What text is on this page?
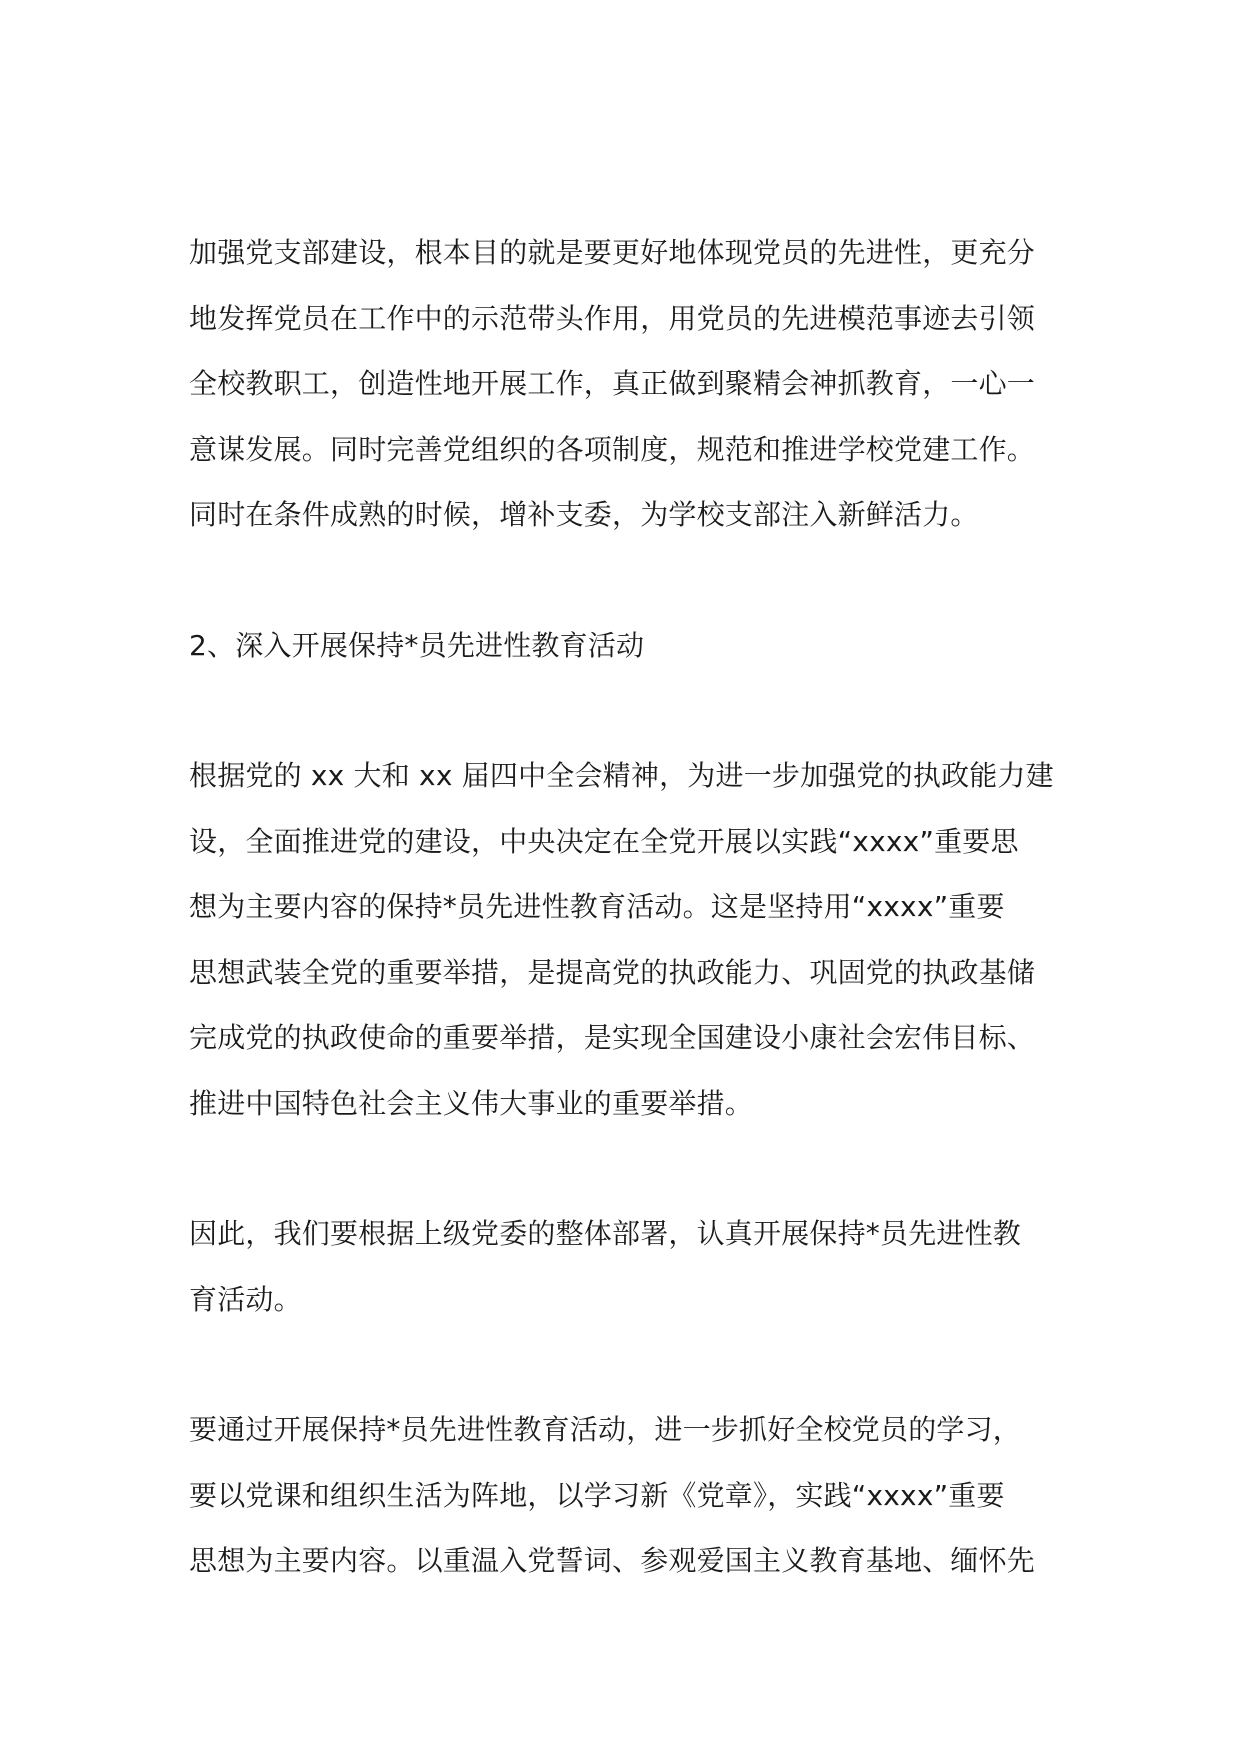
加强党支部建设，根本目的就是要更好地体现党员的先进性，更充分
地发挥党员在工作中的示范带头作用，用党员的先进模范事迹去引领
全校教职工，创造性地开展工作，真正做到聚精会神抓教育，一心一
意谋发展。同时完善党组织的各项制度，规范和推进学校党建工作。
同时在条件成熟的时候，增补支委，为学校支部注入新鲜活力。

2、深入开展保持*员先进性教育活动

根据党的 xx 大和 xx 届四中全会精神，为进一步加强党的执政能力建
设，全面推进党的建设，中央决定在全党开展以实践“xxxx”重要思
想为主要内容的保持*员先进性教育活动。这是坚持用“xxxx”重要
思想武装全党的重要举措，是提高党的执政能力、巩固党的执政基储
完成党的执政使命的重要举措，是实现全国建设小康社会宏伟目标、
推进中国特色社会主义伟大事业的重要举措。

因此，我们要根据上级党委的整体部署，认真开展保持*员先进性教
育活动。

要通过开展保持*员先进性教育活动，进一步抓好全校党员的学习，
要以党课和组织生活为阵地，以学习新《党章》，实践“xxxx”重要
思想为主要内容。以重温入党誓词、参观爱国主义教育基地、缅怀先
